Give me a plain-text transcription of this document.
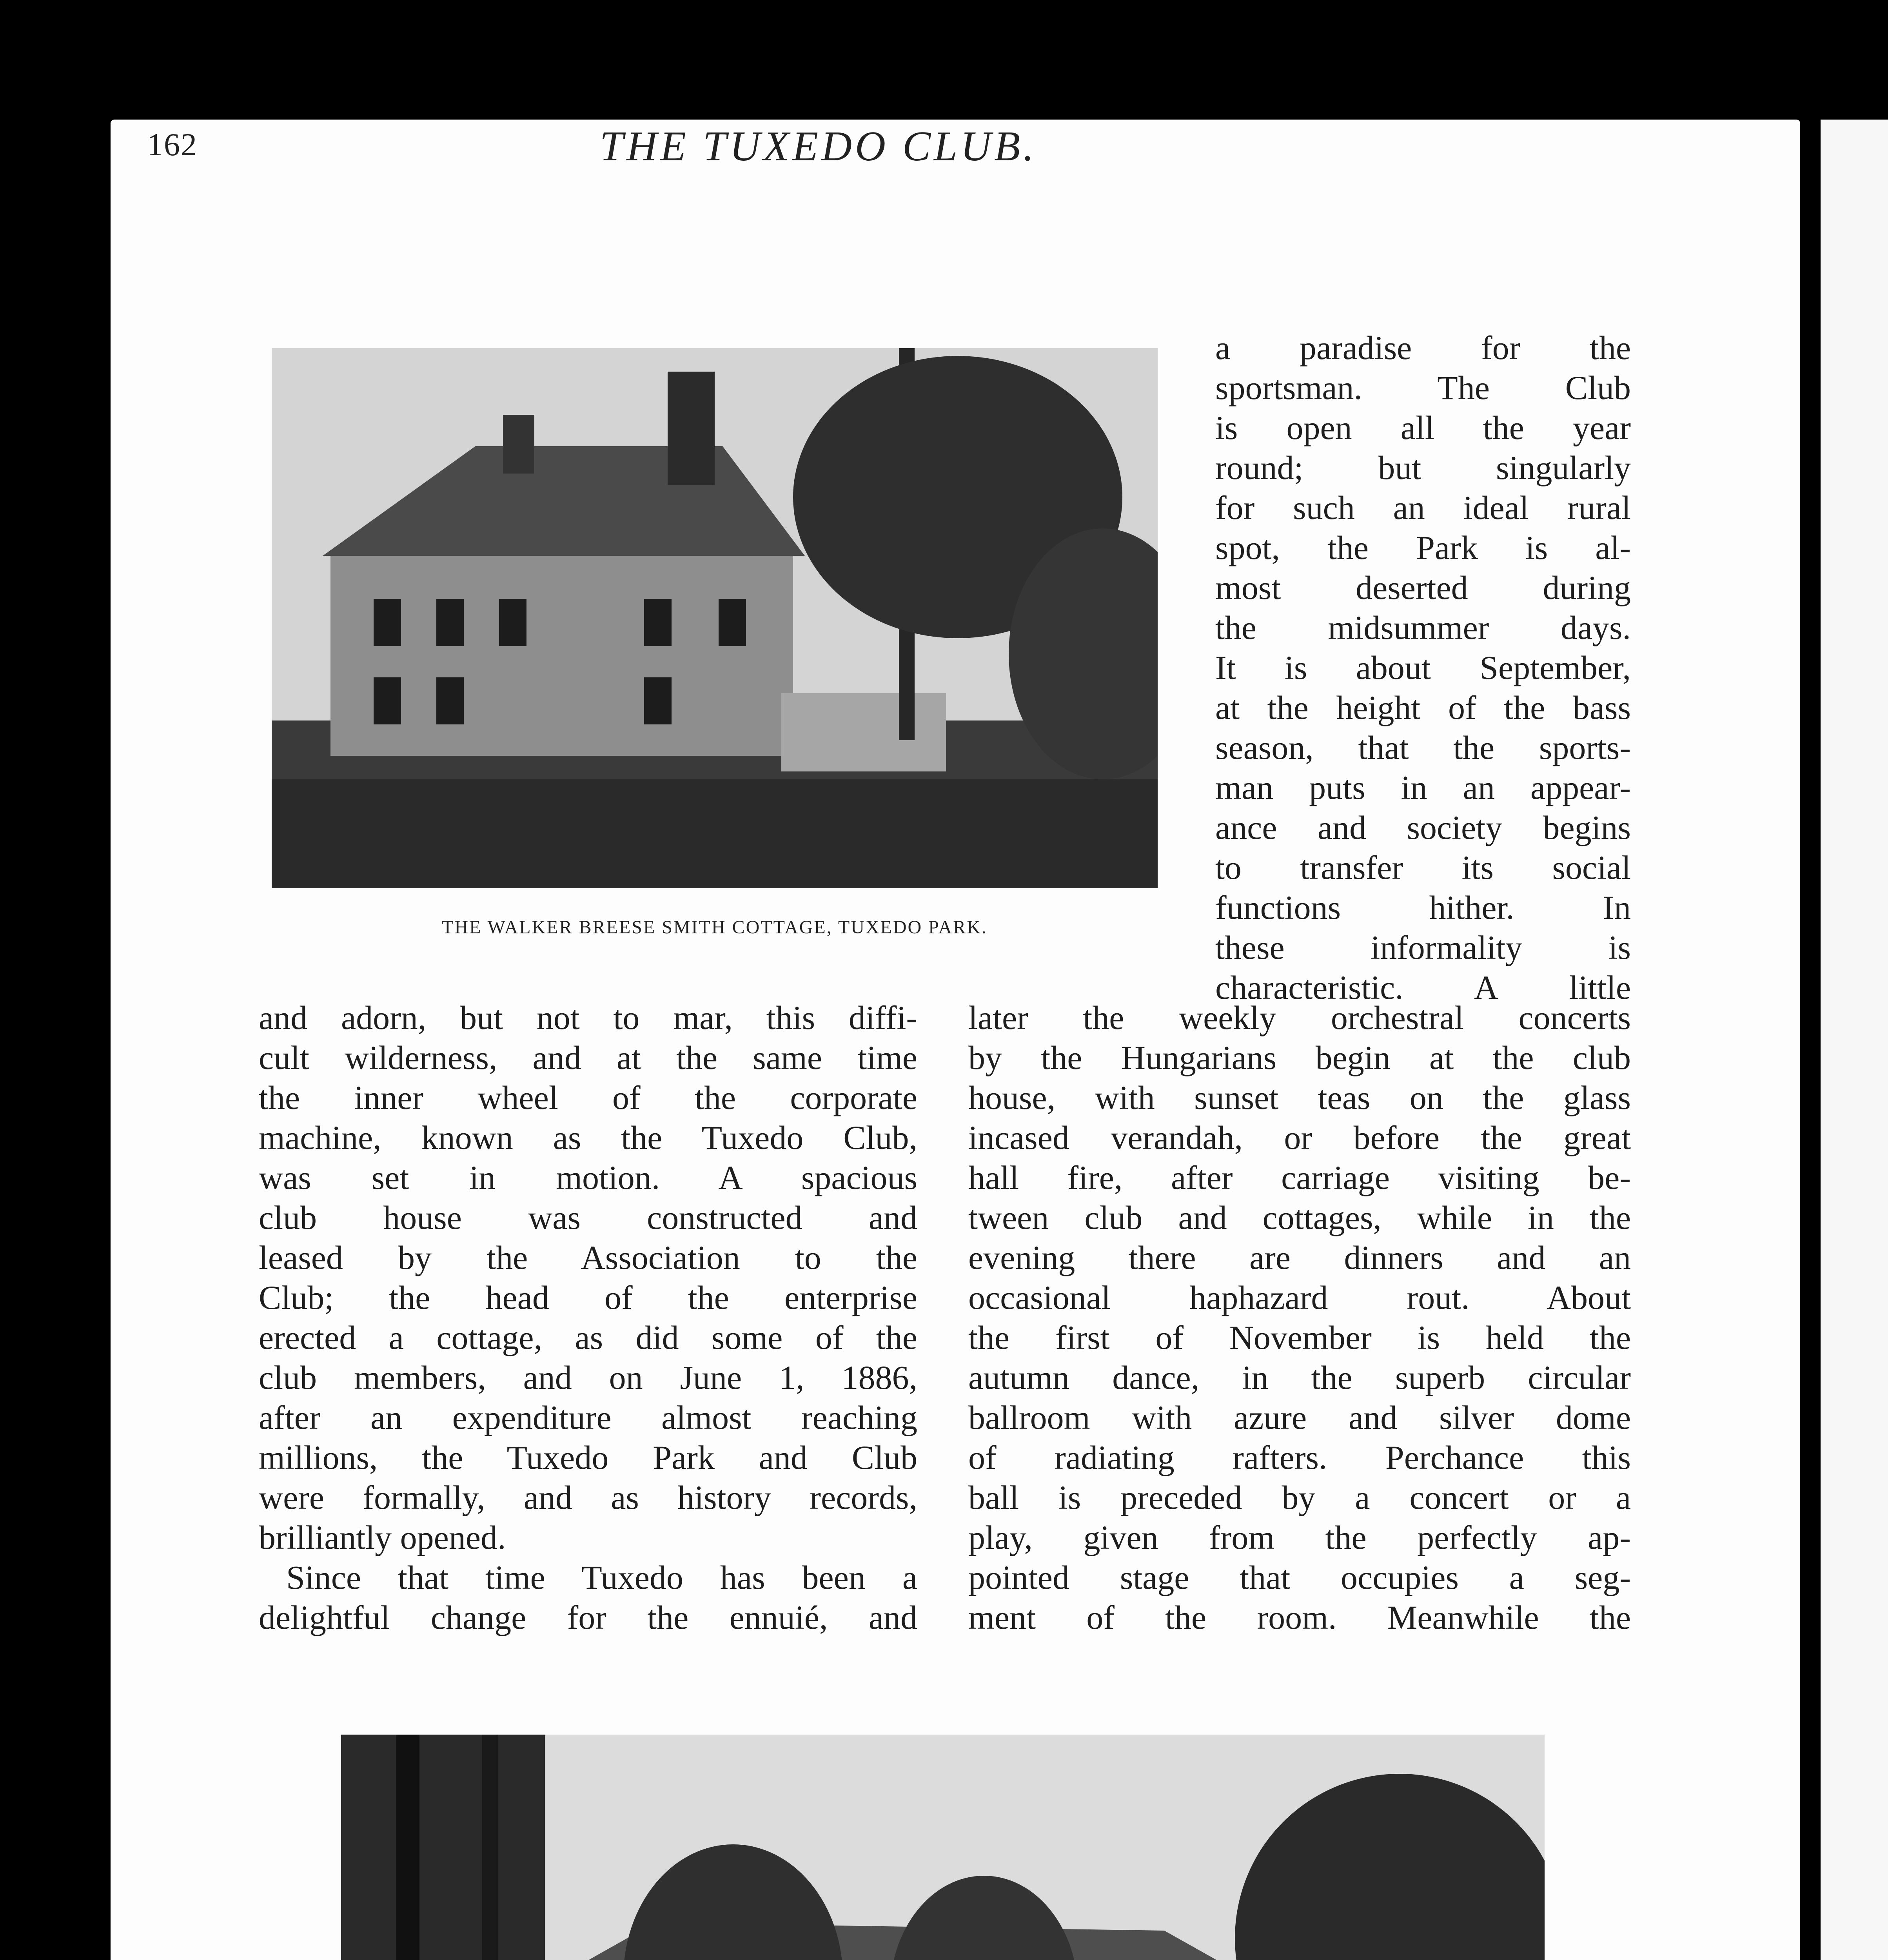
162	THE TUXEDO CLUB.
THE WALKER BREESE SMITH COTTAGE, TUXEDO PARK.
a paradise for the
sportsman. The Club
is open all the year
round; but singularly
for such an ideal rural
spot, the Park is al-
most deserted during
the midsummer days.
It is about September,
at the height of the bass
season, that the sports-
man puts in an appear-
ance and society begins
to transfer its social
functions hither. In
these informality is
characteristic. A little
and adorn, but not to mar, this diffi-
cult wilderness, and at the same time
the inner wheel of the corporate
machine, known as the Tuxedo Club,
was set in motion. A spacious
club house was constructed and
leased by the Association to the
Club; the head of the enterprise
erected a cottage, as did some of the
club members, and on June 1, 1886,
after an expenditure almost reaching
millions, the Tuxedo Park and Club
were formally, and as history records,
brilliantly opened.
Since that time Tuxedo has been a
delightful change for the ennuié, and
later the weekly orchestral concerts
by the Hungarians begin at the club
house, with sunset teas on the glass
incased verandah, or before the great
hall fire, after carriage visiting be-
tween club and cottages, while in the
evening there are dinners and an
occasional haphazard rout. About
the first of November is held the
autumn dance, in the superb circular
ballroom with azure and silver dome
of radiating rafters. Perchance this
ball is preceded by a concert or a
play, given from the perfectly ap-
pointed stage that occupies a seg-
ment of the room. Meanwhile the
